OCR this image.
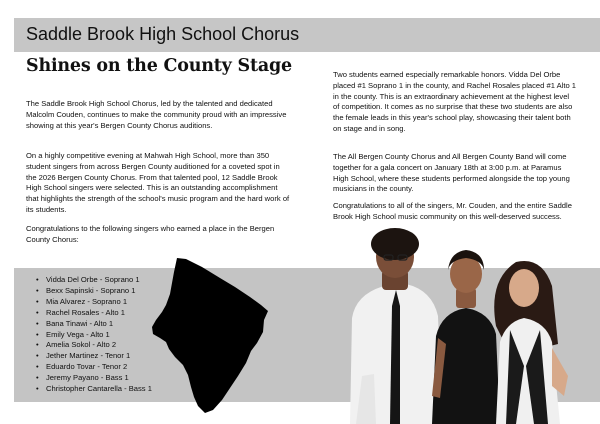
Saddle Brook High School Chorus
Shines on the County Stage

The Saddle Brook High School Chorus, led by the talented and dedicated Malcolm Couden, continues to make the community proud with an impressive showing at this year's Bergen County Chorus auditions.

On a highly competitive evening at Mahwah High School, more than 350 student singers from across Bergen County auditioned for a coveted spot in the 2026 Bergen County Chorus. From that talented pool, 12 Saddle Brook High School singers were selected. This is an outstanding accomplishment that highlights the strength of the school's music program and the hard work of its students.

Congratulations to the following singers who earned a place in the Bergen County Chorus:

Two students earned especially remarkable honors. Vidda Del Orbe placed #1 Soprano 1 in the county, and Rachel Rosales placed #1 Alto 1 in the county. This is an extraordinary achievement at the highest level of competition. It comes as no surprise that these two students are also the female leads in this year's school play, showcasing their talent both on stage and in song.

The All Bergen County Chorus and All Bergen County Band will come together for a gala concert on January 18th at 3:00 p.m. at Paramus High School, where these students performed alongside the top young musicians in the county.

Congratulations to all of the singers, Mr. Couden, and the entire Saddle Brook High School music community on this well-deserved success.

• Vidda Del Orbe - Soprano 1
• Bexx Sapinski - Soprano 1
• Mia Alvarez - Soprano 1
• Rachel Rosales - Alto 1
• Bana Tinawi - Alto 1
• Emily Vega - Alto 1
• Amelia Sokol - Alto 2
• Jether Martinez - Tenor 1
• Eduardo Tovar - Tenor 2
• Jeremy Payano - Bass 1
• Christopher Cantarella - Bass 1
